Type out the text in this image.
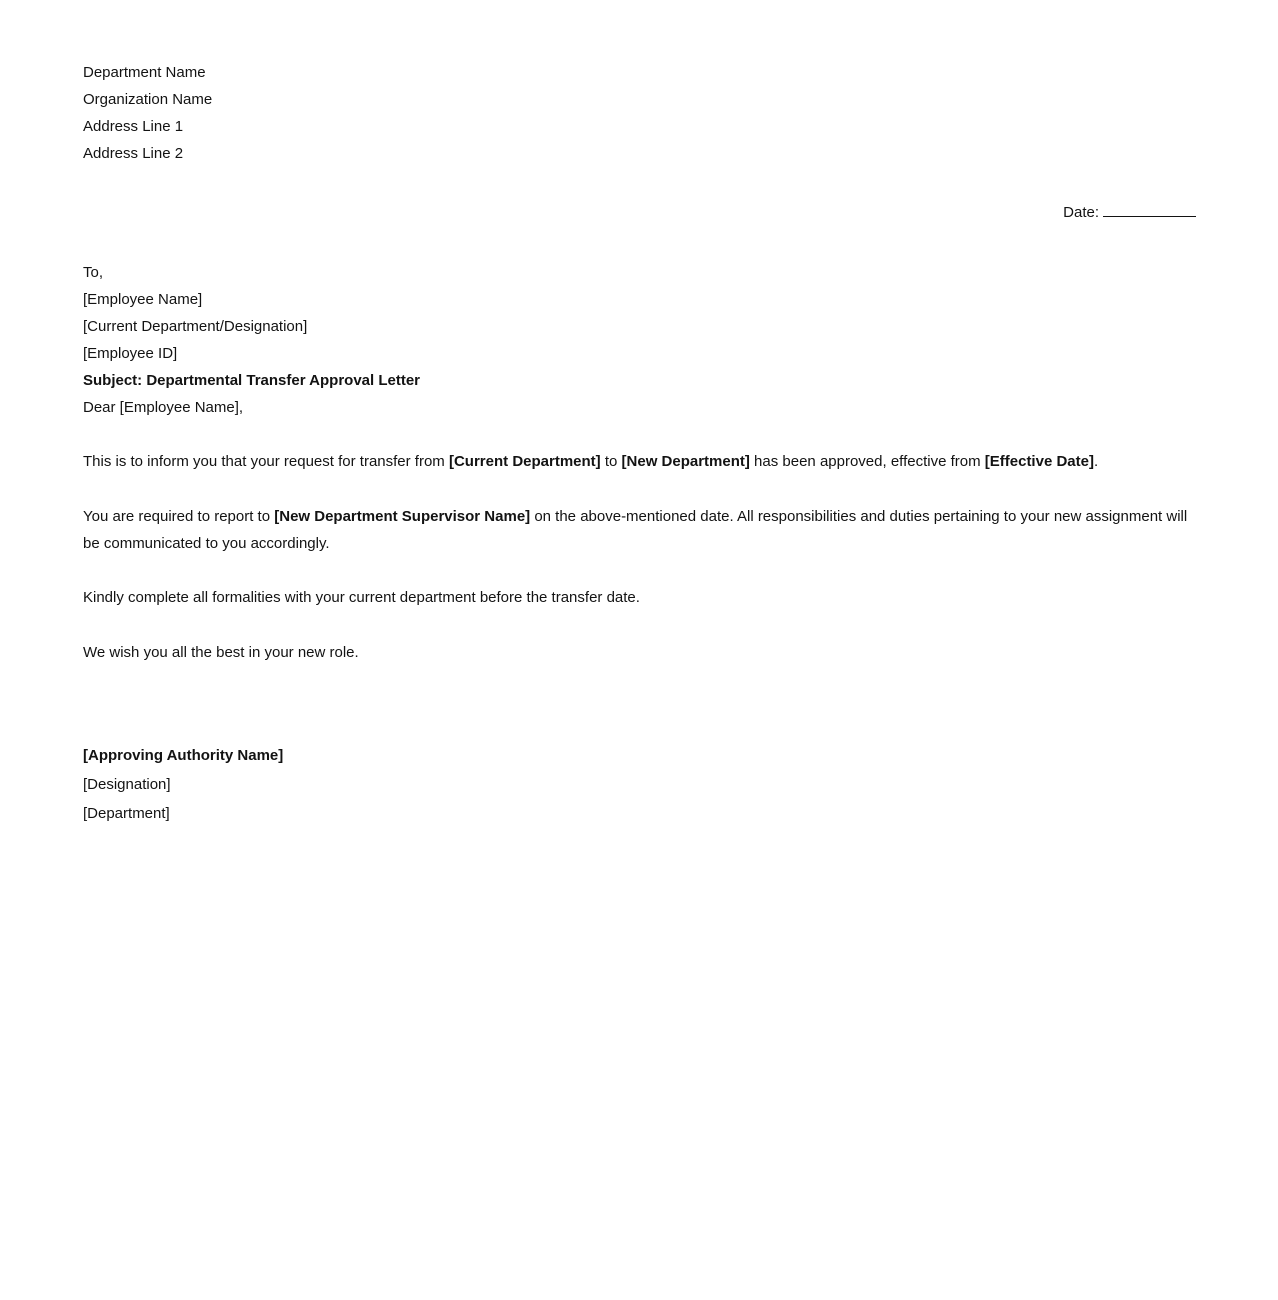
Department Name
Organization Name
Address Line 1
Address Line 2
Date:
To,
[Employee Name]
[Current Department/Designation]
[Employee ID]

Subject: Departmental Transfer Approval Letter

Dear [Employee Name],

This is to inform you that your request for transfer from [Current Department] to [New Department] has been approved, effective from [Effective Date].

You are required to report to [New Department Supervisor Name] on the above-mentioned date. All responsibilities and duties pertaining to your new assignment will be communicated to you accordingly.

Kindly complete all formalities with your current department before the transfer date.

We wish you all the best in your new role.

[Approving Authority Name]
[Designation]
[Department]
